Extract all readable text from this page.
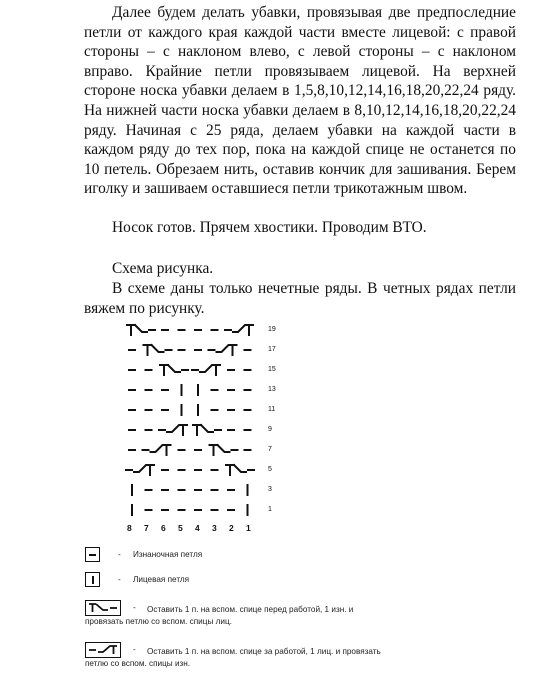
Далее будем делать убавки, провязывая две предпоследние петли от каждого края каждой части вместе лицевой: с правой стороны – с наклоном влево, с левой стороны – с наклоном вправо. Крайние петли провязываем лицевой. На верхней стороне носка убавки делаем в 1,5,8,10,12,14,16,18,20,22,24 ряду. На нижней части носка убавки делаем в 8,10,12,14,16,18,20,22,24 ряду. Начиная с 25 ряда, делаем убавки на каждой части в каждом ряду до тех пор, пока на каждой спице не останется по 10 петель. Обрезаем нить, оставив кончик для зашивания. Берем иголку и зашиваем оставшиеся петли трикотажным швом.

Носок готов. Прячем хвостики. Проводим ВТО.

Схема рисунка.

В схеме даны только нечетные ряды. В четных рядах петли вяжем по рисунку.

19
17
15
13
11
9
7
5
3
1
8 7 6 5 4 3 2 1
- Изнаночная петля
- Лицевая петля
-	Оставить 1 п. на вспом. спице перед работой, 1 изн. и провязать петлю со вспом. спицы лиц.
-	Оставить 1 п. на вспом. спице за работой, 1 лиц. и провязать петлю со вспом. спицы изн.
